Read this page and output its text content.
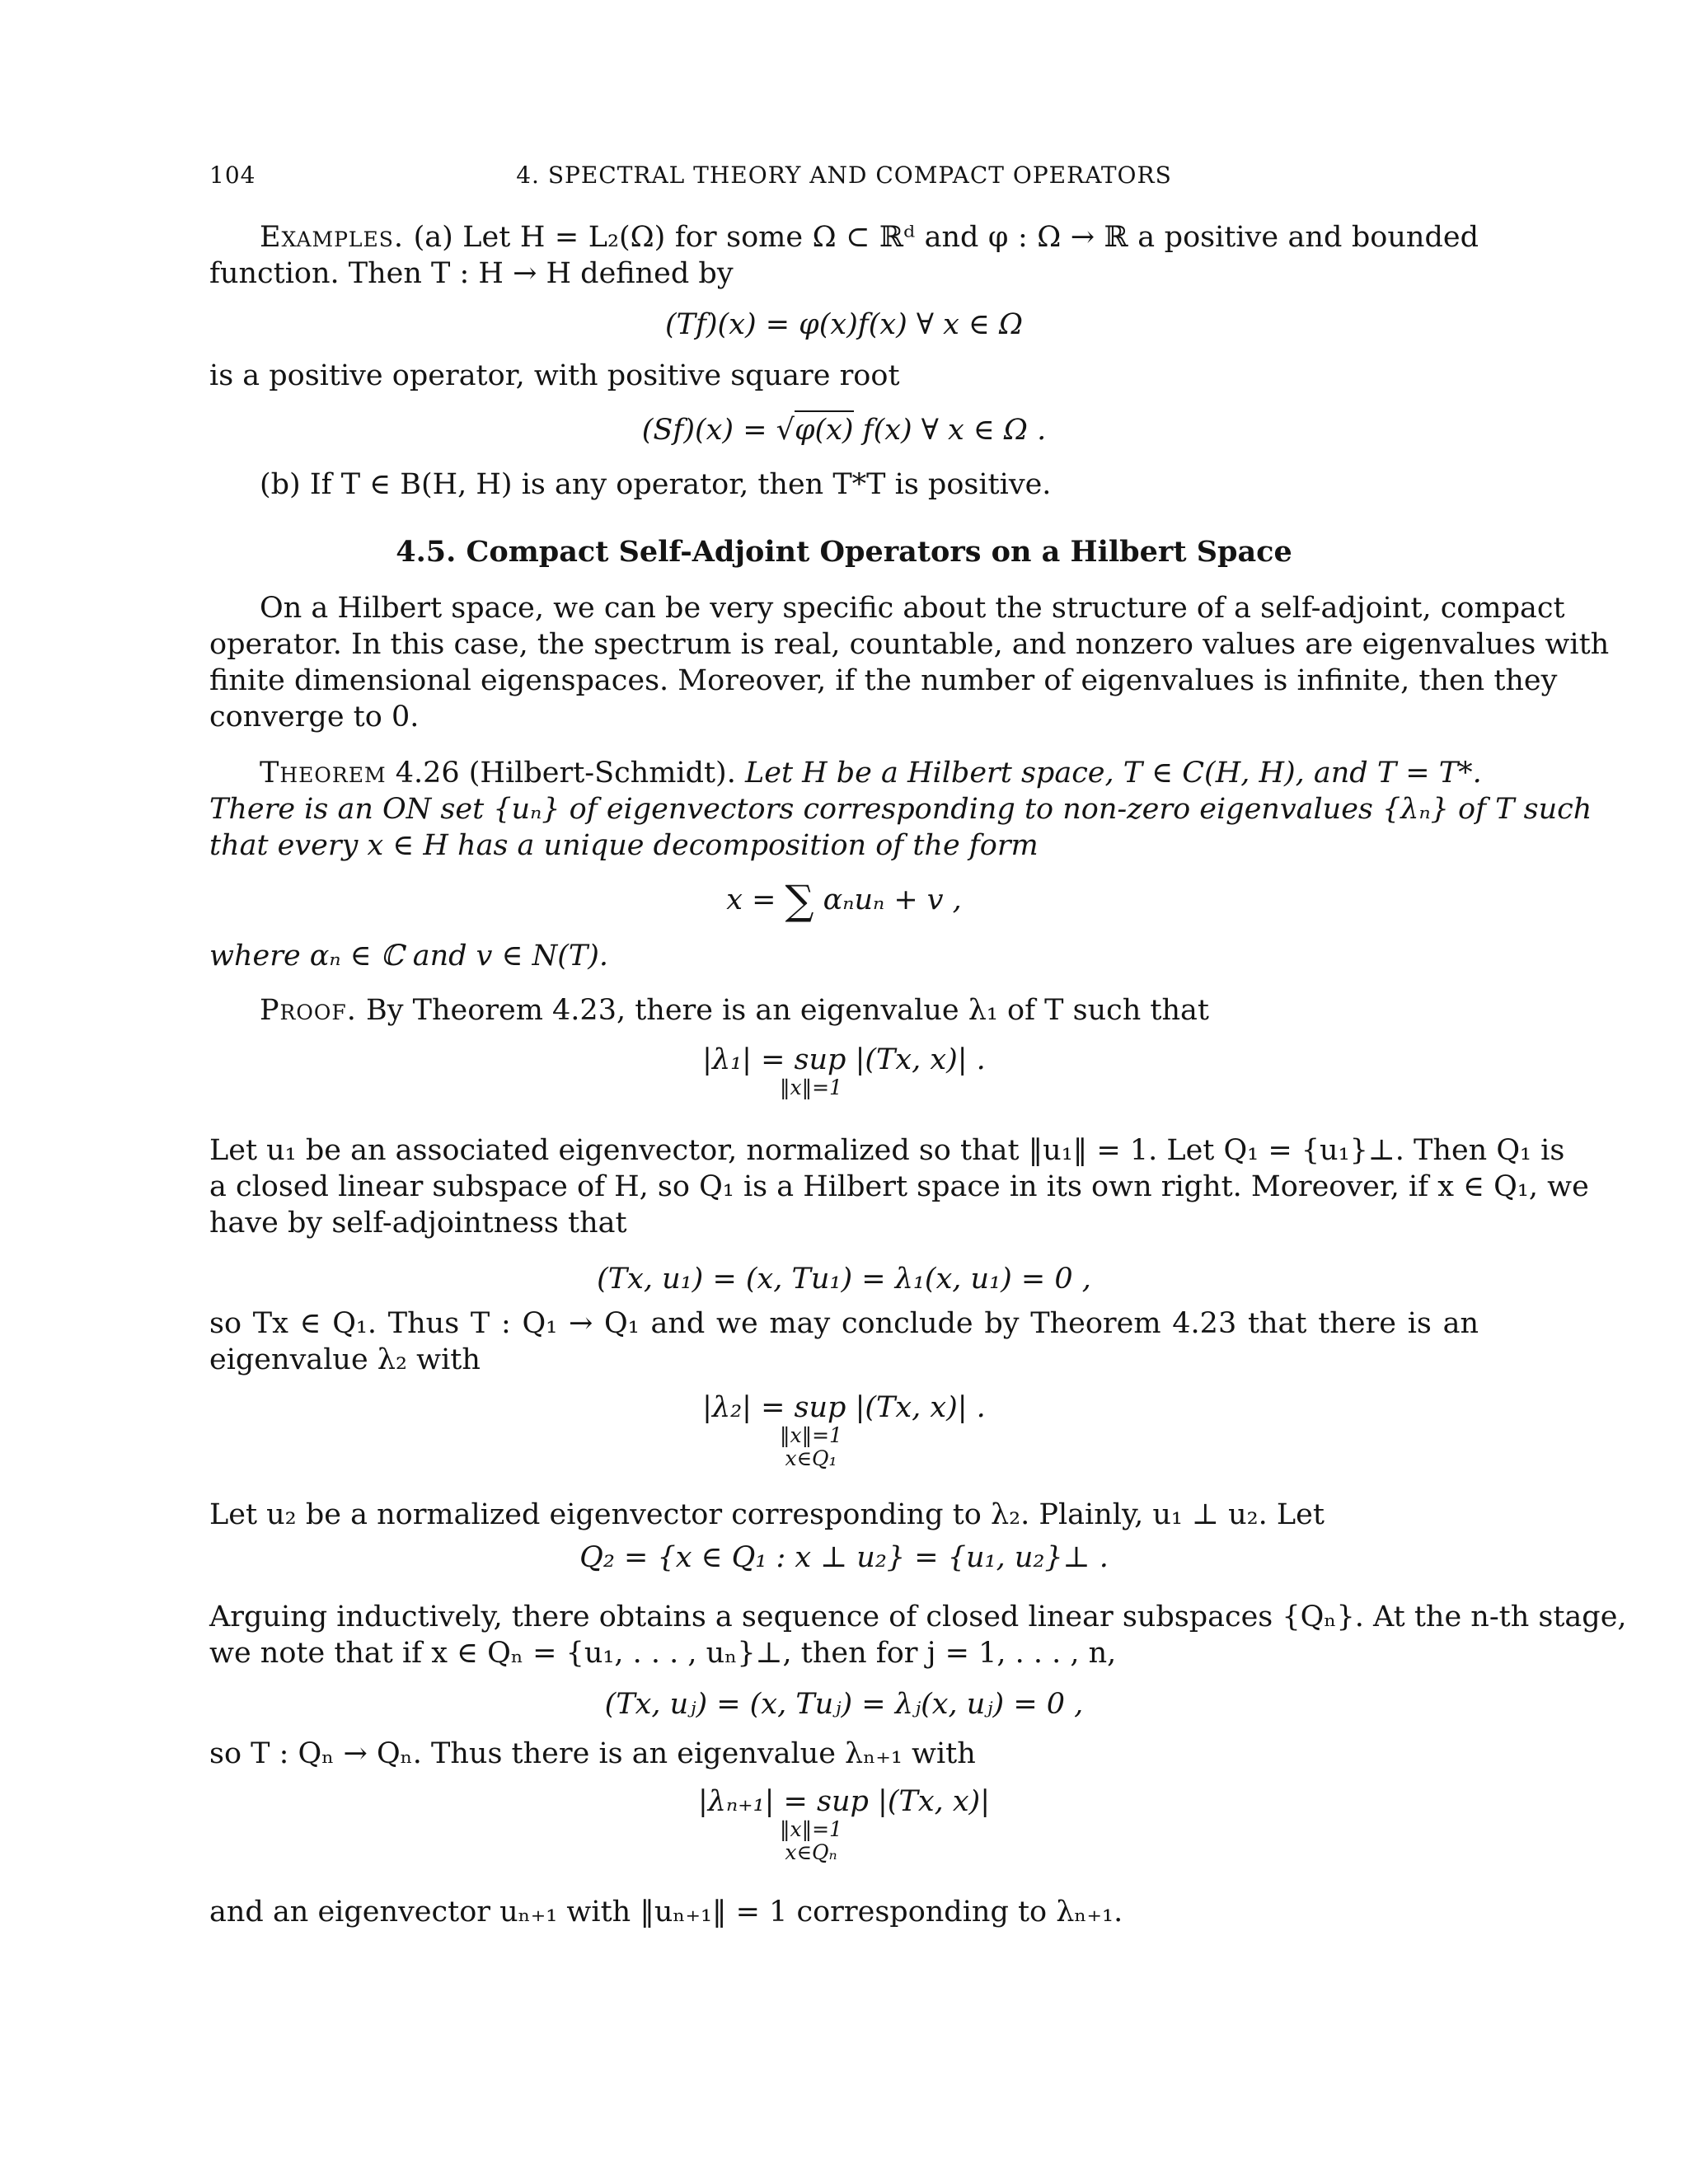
104	4. SPECTRAL THEORY AND COMPACT OPERATORS
Examples. (a) Let H = L₂(Ω) for some Ω ⊂ ℝᵈ and φ : Ω → ℝ a positive and bounded
function. Then T : H → H defined by
(Tf)(x) = φ(x)f(x) ∀ x ∈ Ω
is a positive operator, with positive square root
(Sf)(x) = √φ(x) f(x) ∀ x ∈ Ω .
(b) If T ∈ B(H, H) is any operator, then T*T is positive.
4.5. Compact Self-Adjoint Operators on a Hilbert Space
On a Hilbert space, we can be very specific about the structure of a self-adjoint, compact
operator. In this case, the spectrum is real, countable, and nonzero values are eigenvalues with
finite dimensional eigenspaces. Moreover, if the number of eigenvalues is infinite, then they
converge to 0.
Theorem 4.26 (Hilbert-Schmidt). Let H be a Hilbert space, T ∈ C(H, H), and T = T*.
There is an ON set {uₙ} of eigenvectors corresponding to non-zero eigenvalues {λₙ} of T such
that every x ∈ H has a unique decomposition of the form
x = ∑ αₙuₙ + v ,
where αₙ ∈ ℂ and v ∈ N(T).
Proof. By Theorem 4.23, there is an eigenvalue λ₁ of T such that
|λ₁| = sup |(Tx, x)| .
‖x‖=1
Let u₁ be an associated eigenvector, normalized so that ‖u₁‖ = 1. Let Q₁ = {u₁}⊥. Then Q₁ is
a closed linear subspace of H, so Q₁ is a Hilbert space in its own right. Moreover, if x ∈ Q₁, we
have by self-adjointness that
(Tx, u₁) = (x, Tu₁) = λ₁(x, u₁) = 0 ,
so Tx ∈ Q₁. Thus T : Q₁ → Q₁ and we may conclude by Theorem 4.23 that there is an
eigenvalue λ₂ with
|λ₂| = sup |(Tx, x)| .
‖x‖=1
x∈Q₁
Let u₂ be a normalized eigenvector corresponding to λ₂. Plainly, u₁ ⊥ u₂. Let
Q₂ = {x ∈ Q₁ : x ⊥ u₂} = {u₁, u₂}⊥ .
Arguing inductively, there obtains a sequence of closed linear subspaces {Qₙ}. At the n-th stage,
we note that if x ∈ Qₙ = {u₁, . . . , uₙ}⊥, then for j = 1, . . . , n,
(Tx, uⱼ) = (x, Tuⱼ) = λⱼ(x, uⱼ) = 0 ,
so T : Qₙ → Qₙ. Thus there is an eigenvalue λₙ₊₁ with
|λₙ₊₁| = sup |(Tx, x)|
‖x‖=1
x∈Qₙ
and an eigenvector uₙ₊₁ with ‖uₙ₊₁‖ = 1 corresponding to λₙ₊₁.
